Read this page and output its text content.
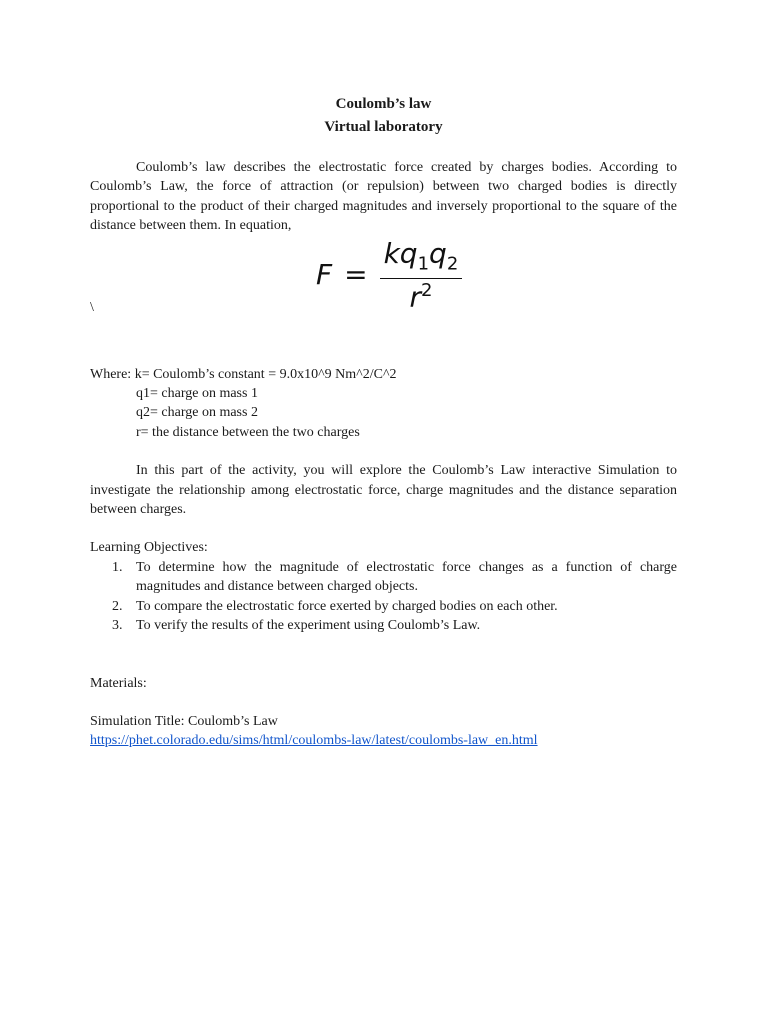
Coulomb’s law

Virtual laboratory

Coulomb’s law describes the electrostatic force created by charges bodies. According to Coulomb’s Law, the force of attraction (or repulsion) between two charged bodies is directly proportional to the product of their charged magnitudes and inversely proportional to the square of the distance between them. In equation,

\
$F = \frac{kq_1q_2}{r^2}$

Where: k= Coulomb’s constant = 9.0x10^9 Nm^2/C^2

q1= charge on mass 1

q2= charge on mass 2

r= the distance between the two charges

In this part of the activity, you will explore the Coulomb’s Law interactive Simulation to investigate the relationship among electrostatic force, charge magnitudes and the distance separation between charges.

Learning Objectives:

1. To determine how the magnitude of electrostatic force changes as a function of charge magnitudes and distance between charged objects.
2. To compare the electrostatic force exerted by charged bodies on each other.
3. To verify the results of the experiment using Coulomb’s Law.

Materials:

Simulation Title: Coulomb’s Law

https://phet.colorado.edu/sims/html/coulombs-law/latest/coulombs-law_en.html
